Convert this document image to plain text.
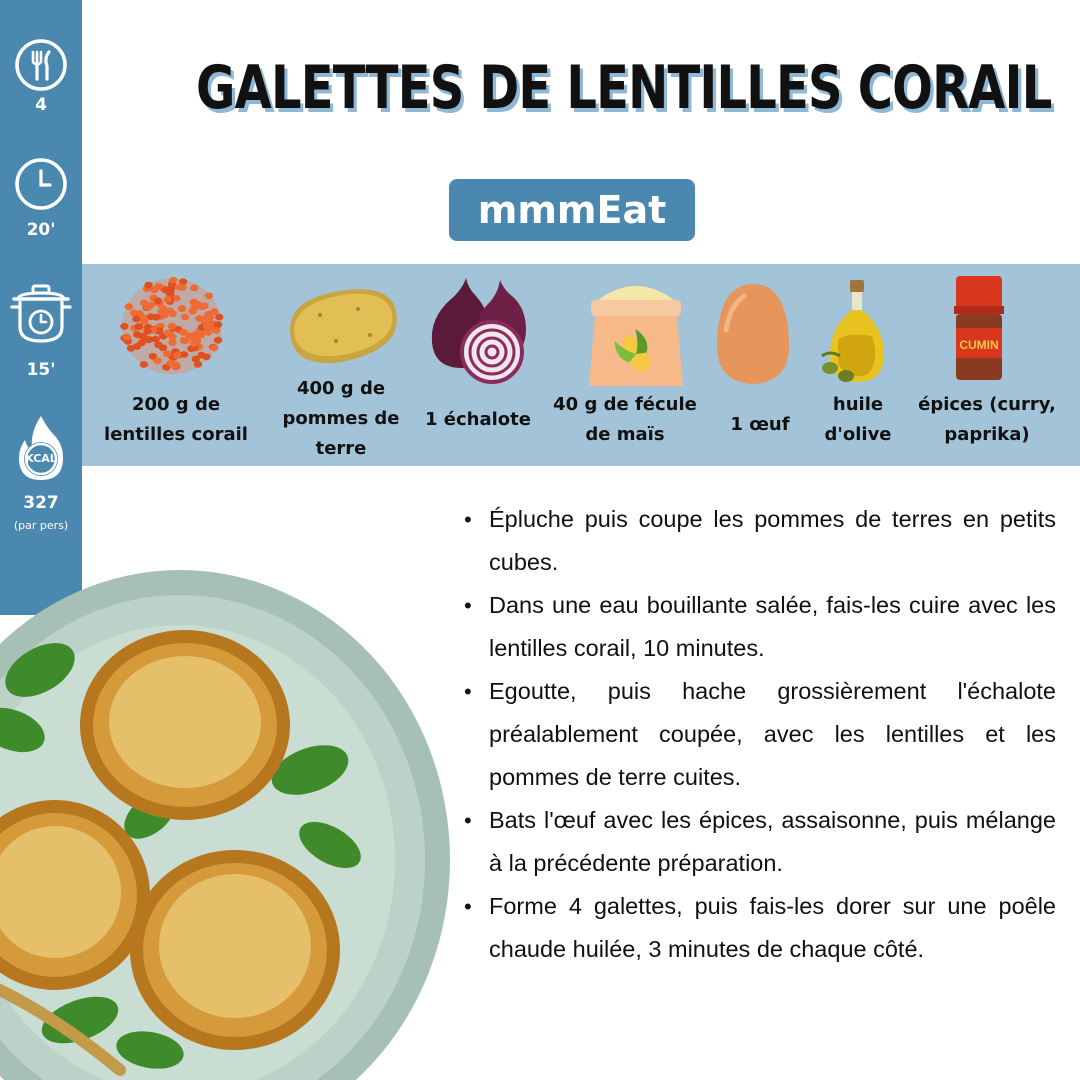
4
20'
15'
KCAL
327
(par pers)
GALETTES DE LENTILLES CORAIL
mmmEat
CUMIN
200 g de lentilles corail
400 g de pommes de terre
1 échalote
40 g de fécule de maïs	1 œuf
huile d'olive
épices (curry, paprika)
• Épluche puis coupe les pommes de terres en petits cubes.
• Dans une eau bouillante salée, fais-les cuire avec les lentilles corail, 10 minutes.
• Egoutte, puis hache grossièrement l'échalote préalablement coupée, avec les lentilles et les pommes de terre cuites.
• Bats l'œuf avec les épices, assaisonne, puis mélange à la précédente préparation.
• Forme 4 galettes, puis fais-les dorer sur une poêle chaude huilée, 3 minutes de chaque côté.
